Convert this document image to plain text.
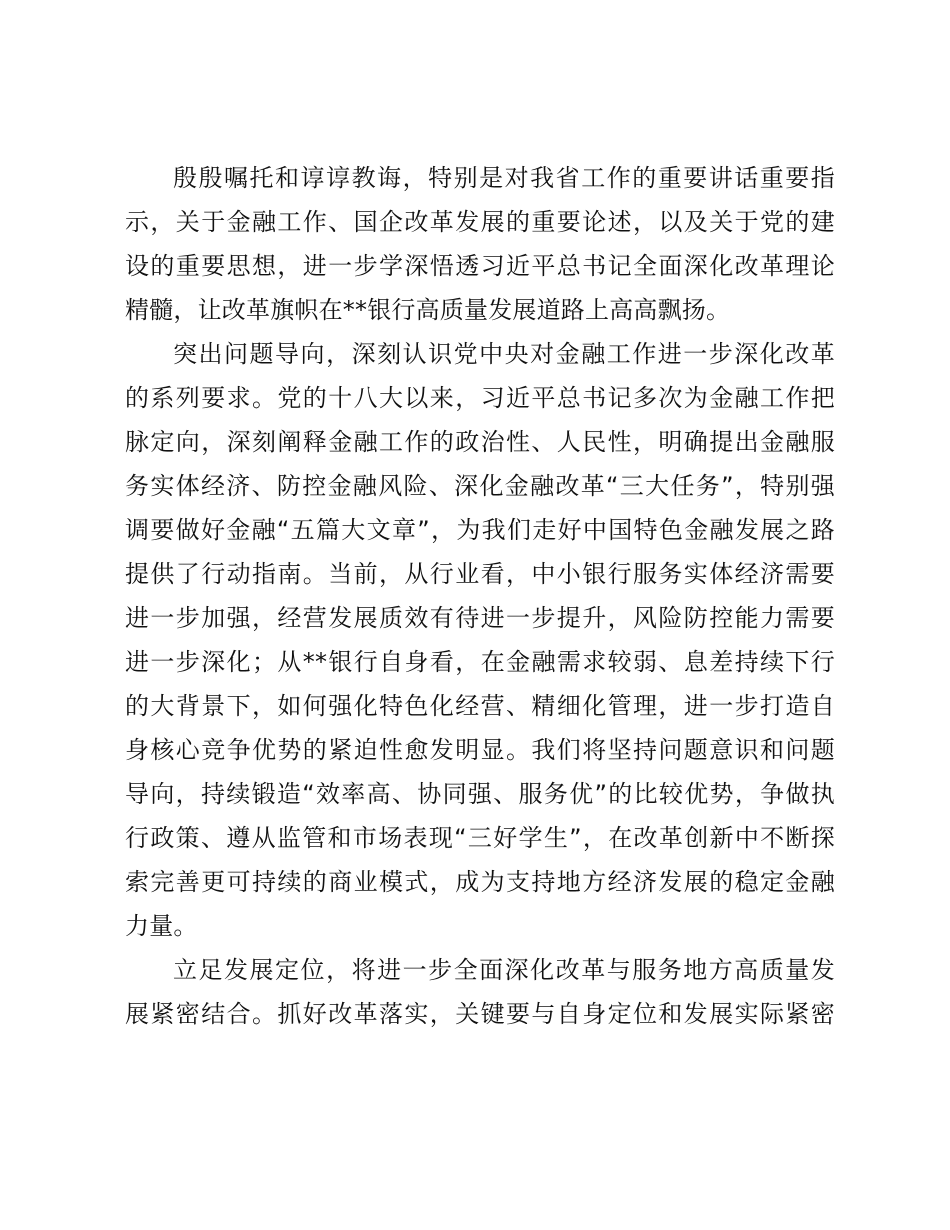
殷殷嘱托和谆谆教诲，特别是对我省工作的重要讲话重要指
示，关于金融工作、国企改革发展的重要论述，以及关于党的建
设的重要思想，进一步学深悟透习近平总书记全面深化改革理论
精髓，让改革旗帜在**银行高质量发展道路上高高飘扬。
突出问题导向，深刻认识党中央对金融工作进一步深化改革
的系列要求。党的十八大以来，习近平总书记多次为金融工作把
脉定向，深刻阐释金融工作的政治性、人民性，明确提出金融服
务实体经济、防控金融风险、深化金融改革“三大任务”，特别强
调要做好金融“五篇大文章”，为我们走好中国特色金融发展之路
提供了行动指南。当前，从行业看，中小银行服务实体经济需要
进一步加强，经营发展质效有待进一步提升，风险防控能力需要
进一步深化；从**银行自身看，在金融需求较弱、息差持续下行
的大背景下，如何强化特色化经营、精细化管理，进一步打造自
身核心竞争优势的紧迫性愈发明显。我们将坚持问题意识和问题
导向，持续锻造“效率高、协同强、服务优”的比较优势，争做执
行政策、遵从监管和市场表现“三好学生”，在改革创新中不断探
索完善更可持续的商业模式，成为支持地方经济发展的稳定金融
力量。
立足发展定位，将进一步全面深化改革与服务地方高质量发
展紧密结合。抓好改革落实，关键要与自身定位和发展实际紧密
